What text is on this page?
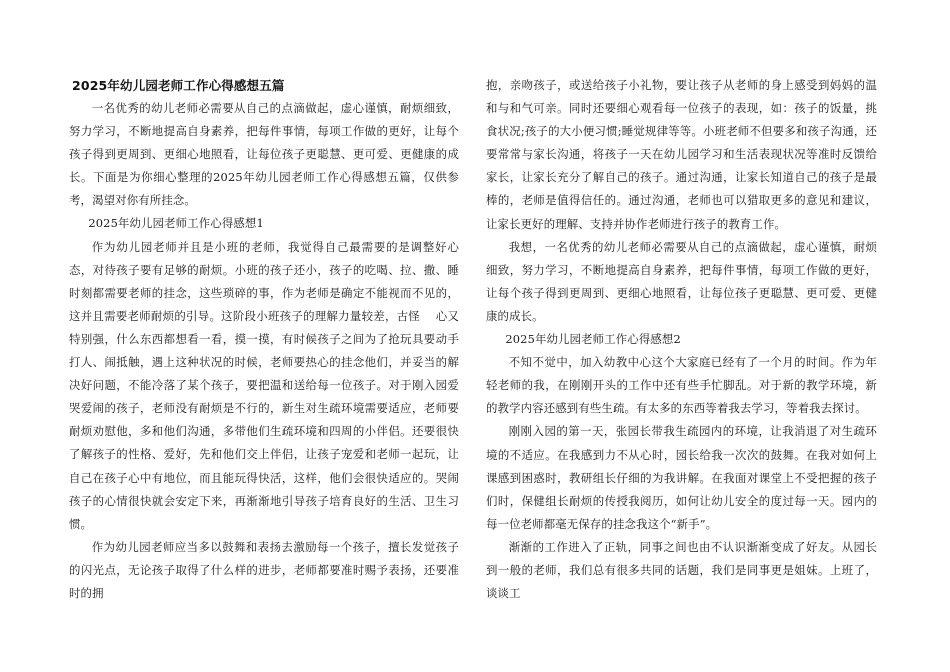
2025年幼儿园老师工作心得感想五篇

一名优秀的幼儿老师必需要从自己的点滴做起，虚心谨慎，耐烦细致，努力学习，不断地提高自身素养，把每件事情，每项工作做的更好，让每个孩子得到更周到、更细心地照看，让每位孩子更聪慧、更可爱、更健康的成长。下面是为你细心整理的2025年幼儿园老师工作心得感想五篇，仅供参考，渴望对你有所挂念。

2025年幼儿园老师工作心得感想1

作为幼儿园老师并且是小班的老师，我觉得自己最需要的是调整好心态，对待孩子要有足够的耐烦。小班的孩子还小，孩子的吃喝、拉、撒、睡时刻都需要老师的挂念，这些琐碎的事，作为老师是确定不能视而不见的，这并且需要老师耐烦的引导。这阶段小班孩子的理解力量较差，古怪　 心又特别强，什么东西都想看一看，摸一摸，有时候孩子之间为了抢玩具要动手打人、闹抵触，遇上这种状况的时候，老师要热心的挂念他们，并妥当的解决好问题，不能冷落了某个孩子，要把温和送给每一位孩子。对于刚入园爱哭爱闹的孩子，老师没有耐烦是不行的，新生对生疏环境需要适应，老师要耐烦劝慰他，多和他们沟通，多带他们生疏环境和四周的小伴侣。还要很快了解孩子的性格、爱好，先和他们交上伴侣，让孩子宠爱和老师一起玩，让自己在孩子心中有地位，而且能玩得快活，这样，他们会很快适应的。哭闹孩子的心情很快就会安定下来，再渐渐地引导孩子培育良好的生活、卫生习惯。

作为幼儿园老师应当多以鼓舞和表扬去激励每一个孩子，擅长发觉孩子的闪光点，无论孩子取得了什么样的进步，老师都要准时赐予表扬，还要准时的拥

抱，亲吻孩子，或送给孩子小礼物，要让孩子从老师的身上感受到妈妈的温和与和气可亲。同时还要细心观看每一位孩子的表现，如：孩子的饭量，挑食状况;孩子的大小便习惯;睡觉规律等等。小班老师不但要多和孩子沟通，还要常常与家长沟通，将孩子一天在幼儿园学习和生活表现状况等准时反馈给家长，让家长充分了解自己的孩子。通过沟通，让家长知道自己的孩子是最棒的，老师是值得信任的。通过沟通，老师也可以猎取更多的意见和建议，让家长更好的理解、支持并协作老师进行孩子的教育工作。

我想，一名优秀的幼儿老师必需要从自己的点滴做起，虚心谨慎，耐烦细致，努力学习，不断地提高自身素养，把每件事情，每项工作做的更好，让每个孩子得到更周到、更细心地照看，让每位孩子更聪慧、更可爱、更健康的成长。

2025年幼儿园老师工作心得感想2

不知不觉中，加入幼教中心这个大家庭已经有了一个月的时间。作为年轻老师的我，在刚刚开头的工作中还有些手忙脚乱。对于新的教学环境，新的教学内容还感到有些生疏。有太多的东西等着我去学习，等着我去探讨。

刚刚入园的第一天，张园长带我生疏园内的环境，让我消退了对生疏环境的不适应。在我感到力不从心时，园长给我一次次的鼓舞。在我对如何上课感到困惑时，教研组长仔细的为我讲解。在我面对课堂上不受把握的孩子们时，保健组长耐烦的传授我阅历，如何让幼儿安全的度过每一天。园内的每一位老师都毫无保存的挂念我这个“新手”。

渐渐的工作进入了正轨，同事之间也由不认识渐渐变成了好友。从园长到一般的老师，我们总有很多共同的话题，我们是同事更是姐妹。上班了，谈谈工
